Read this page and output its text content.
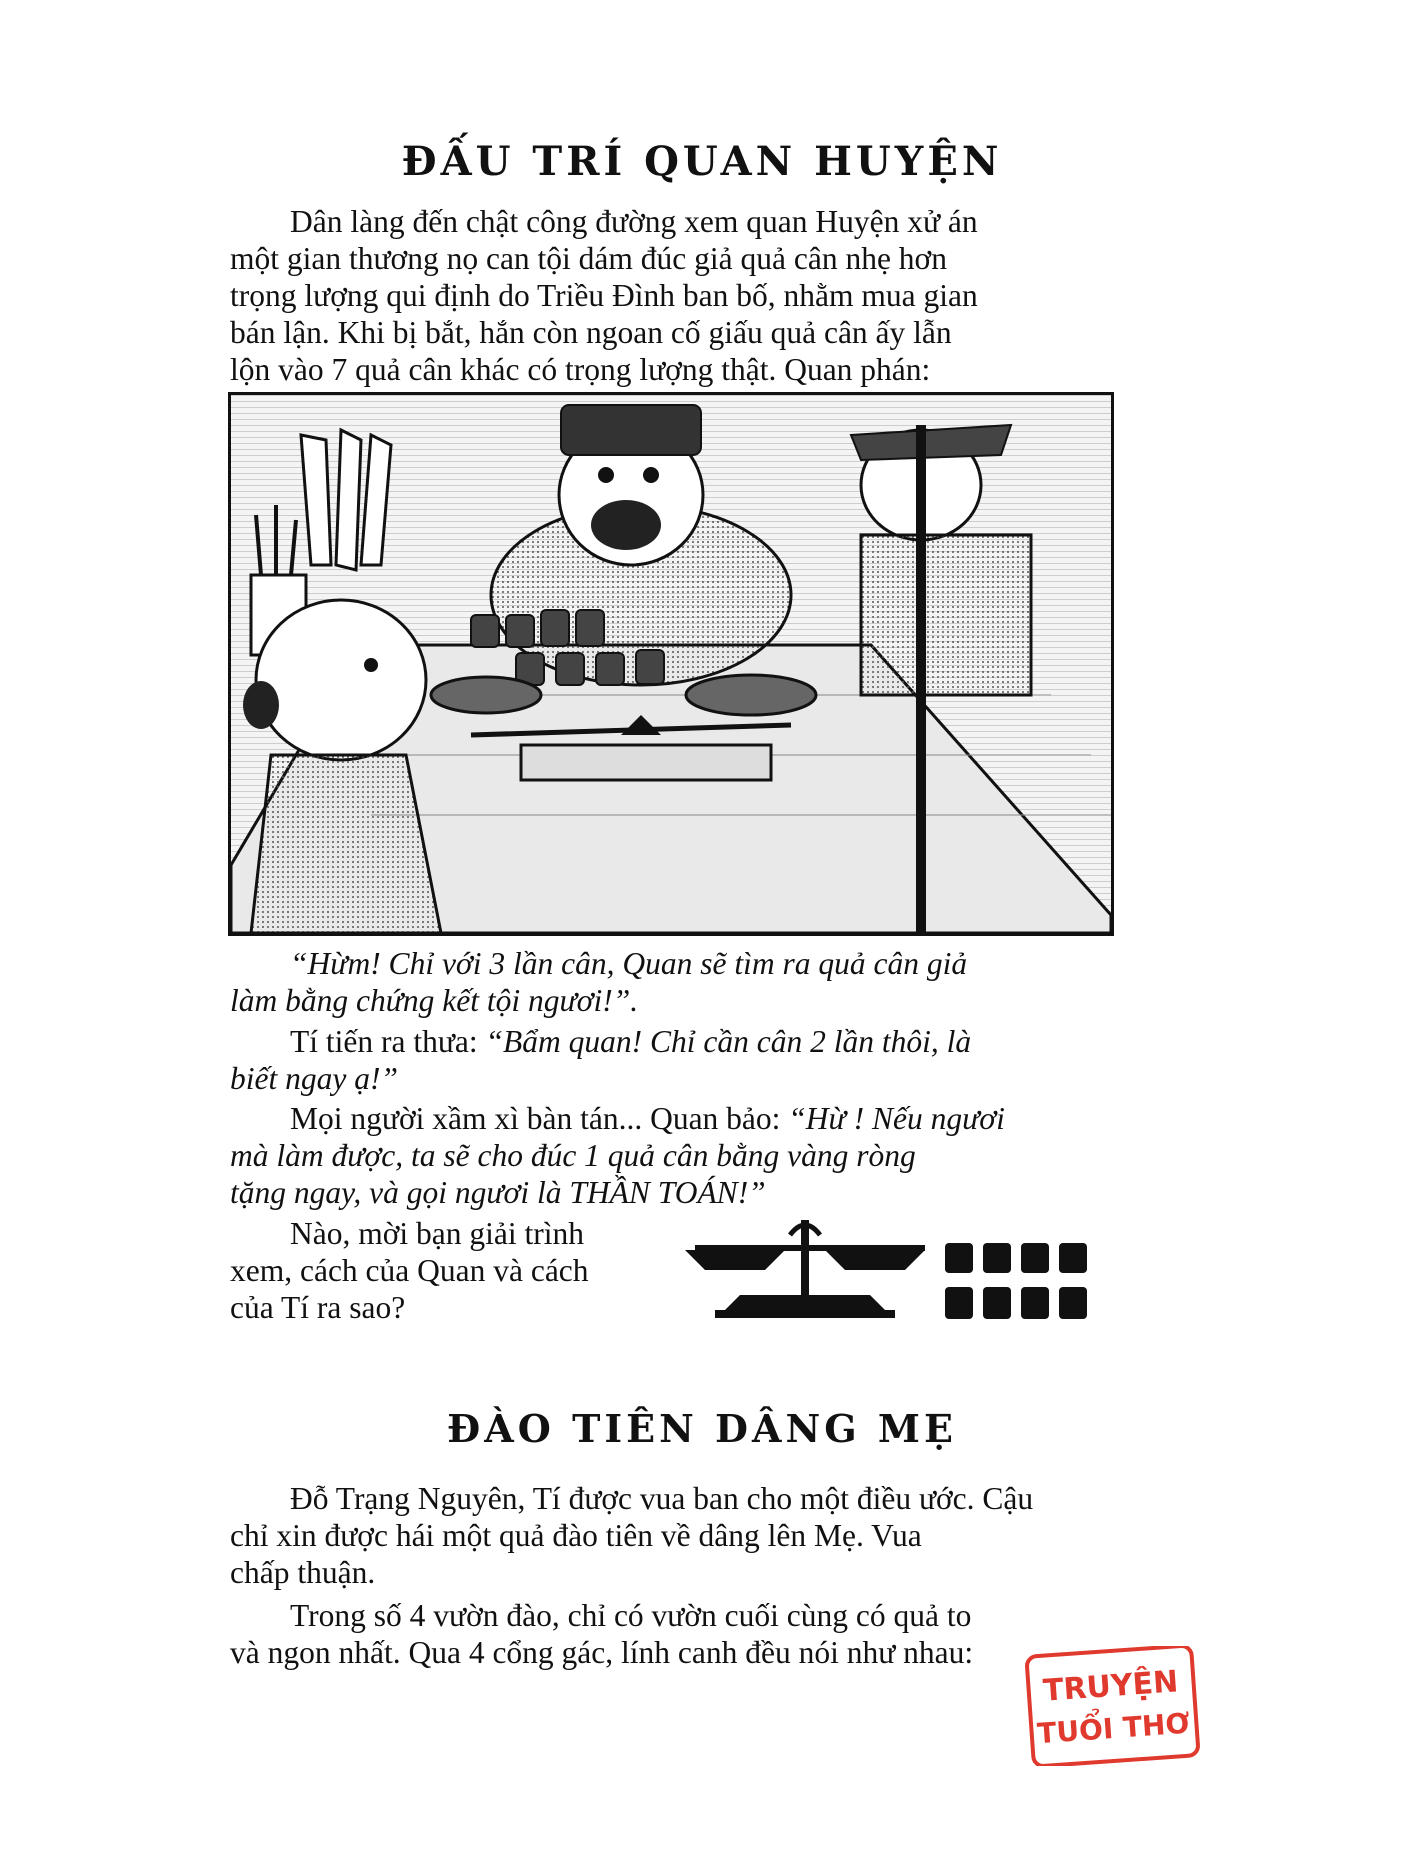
ĐẤU TRÍ QUAN HUYỆN

Dân làng đến chật công đường xem quan Huyện xử án
một gian thương nọ can tội dám đúc giả quả cân nhẹ hơn
trọng lượng qui định do Triều Đình ban bố, nhằm mua gian
bán lận. Khi bị bắt, hắn còn ngoan cố giấu quả cân ấy lẫn
lộn vào 7 quả cân khác có trọng lượng thật. Quan phán:

“Hừm! Chỉ với 3 lần cân, Quan sẽ tìm ra quả cân giả
làm bằng chứng kết tội ngươi!”.

Tí tiến ra thưa: “Bẩm quan! Chỉ cần cân 2 lần thôi, là
biết ngay ạ!”

Mọi người xầm xì bàn tán... Quan bảo: “Hừ ! Nếu ngươi
mà làm được, ta sẽ cho đúc 1 quả cân bằng vàng ròng
tặng ngay, và gọi ngươi là THẦN TOÁN!”

Nào, mời bạn giải trình
xem, cách của Quan và cách
của Tí ra sao?

ĐÀO TIÊN DÂNG MẸ

Đỗ Trạng Nguyên, Tí được vua ban cho một điều ước. Cậu
chỉ xin được hái một quả đào tiên về dâng lên Mẹ. Vua
chấp thuận.

Trong số 4 vườn đào, chỉ có vườn cuối cùng có quả to
và ngon nhất. Qua 4 cổng gác, lính canh đều nói như nhau:

TRUYỆN
TUỔI THƠ
